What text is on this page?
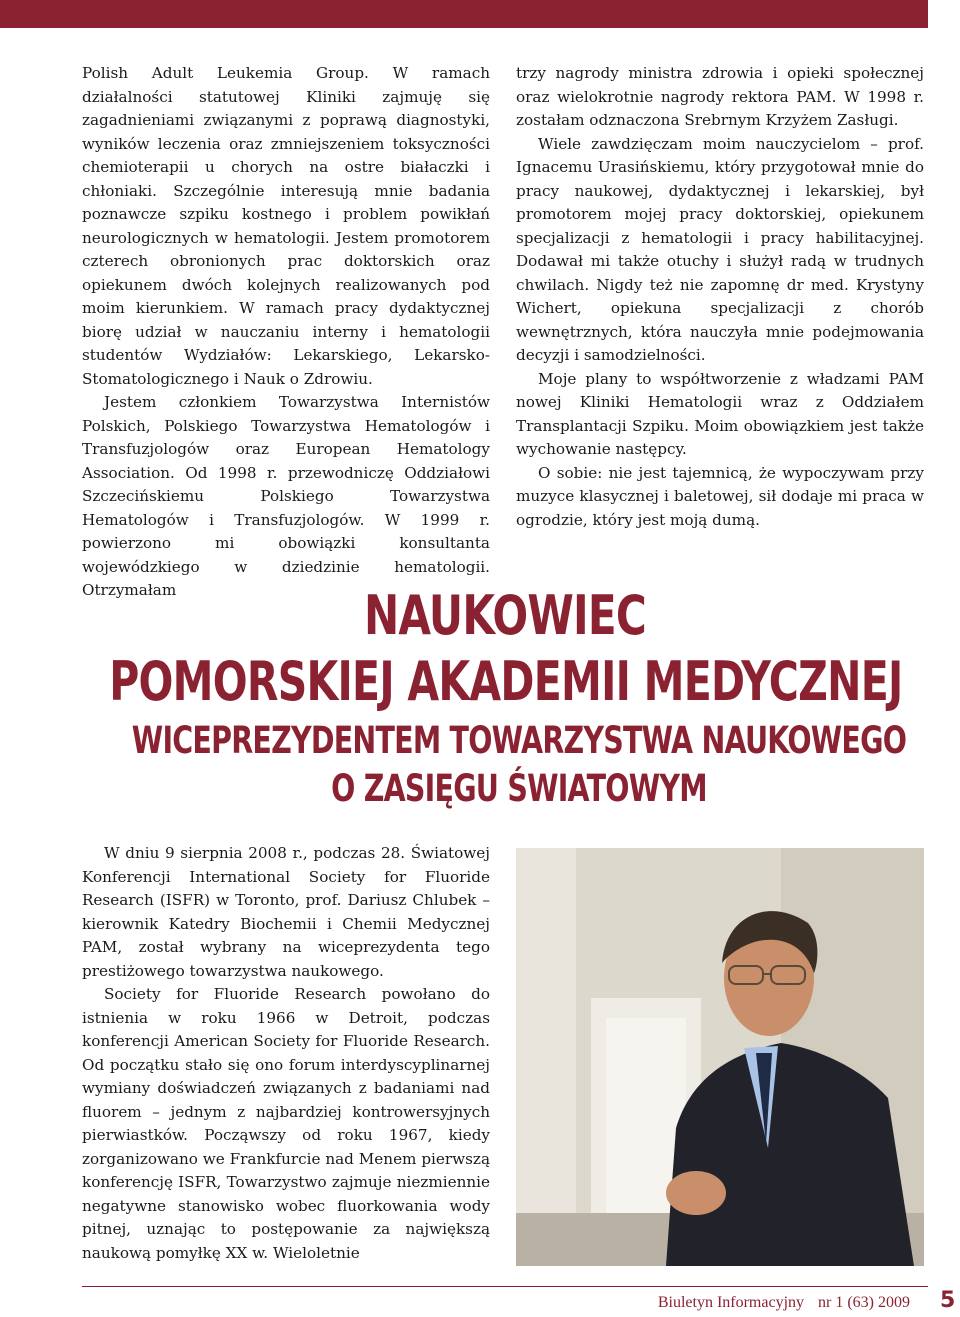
Polish Adult Leukemia Group. W ramach działalności statutowej Kliniki zajmuję się zagadnieniami związanymi z poprawą diagnostyki, wyników leczenia oraz zmniejszeniem toksyczności chemioterapii u chorych na ostre białaczki i chłoniaki. Szczególnie interesują mnie badania poznawcze szpiku kostnego i problem powikłań neurologicznych w hematologii. Jestem promotorem czterech obronionych prac doktorskich oraz opiekunem dwóch kolejnych realizowanych pod moim kierunkiem. W ramach pracy dydaktycznej biorę udział w nauczaniu interny i hematologii studentów Wydziałów: Lekarskiego, Lekarsko-Stomatologicznego i Nauk o Zdrowiu.

Jestem członkiem Towarzystwa Internistów Polskich, Polskiego Towarzystwa Hematologów i Transfuzjologów oraz European Hematology Association. Od 1998 r. przewodniczę Oddziałowi Szczecińskiemu Polskiego Towarzystwa Hematologów i Transfuzjologów. W 1999 r. powierzono mi obowiązki konsultanta wojewódzkiego w dziedzinie hematologii. Otrzymałam

trzy nagrody ministra zdrowia i opieki społecznej oraz wielokrotnie nagrody rektora PAM. W 1998 r. zostałam odznaczona Srebrnym Krzyżem Zasługi.

Wiele zawdzięczam moim nauczycielom – prof. Ignacemu Urasińskiemu, który przygotował mnie do pracy naukowej, dydaktycznej i lekarskiej, był promotorem mojej pracy doktorskiej, opiekunem specjalizacji z hematologii i pracy habilitacyjnej. Dodawał mi także otuchy i służył radą w trudnych chwilach. Nigdy też nie zapomnę dr med. Krystyny Wichert, opiekuna specjalizacji z chorób wewnętrznych, która nauczyła mnie podejmowania decyzji i samodzielności.

Moje plany to współtworzenie z władzami PAM nowej Kliniki Hematologii wraz z Oddziałem Transplantacji Szpiku. Moim obowiązkiem jest także wychowanie następcy.

O sobie: nie jest tajemnicą, że wypoczywam przy muzyce klasycznej i baletowej, sił dodaje mi praca w ogrodzie, który jest moją dumą.

NAUKOWIEC
POMORSKIEJ AKADEMII MEDYCZNEJ
WICEPREZYDENTEM TOWARZYSTWA NAUKOWEGO
O ZASIĘGU ŚWIATOWYM

W dniu 9 sierpnia 2008 r., podczas 28. Światowej Konferencji International Society for Fluoride Research (ISFR) w Toronto, prof. Dariusz Chlubek – kierownik Katedry Biochemii i Chemii Medycznej PAM, został wybrany na wiceprezydenta tego prestiżowego towarzystwa naukowego.

Society for Fluoride Research powołano do istnienia w roku 1966 w Detroit, podczas konferencji American Society for Fluoride Research. Od początku stało się ono forum interdyscyplinarnej wymiany doświadczeń związanych z badaniami nad fluorem – jednym z najbardziej kontrowersyjnych pierwiastków. Począwszy od roku 1967, kiedy zorganizowano we Frankfurcie nad Menem pierwszą konferencję ISFR, Towarzystwo zajmuje niezmiennie negatywne stanowisko wobec fluorkowania wody pitnej, uznając to postępowanie za największą naukową pomyłkę XX w. Wieloletnie

Biuletyn Informacyjny nr 1 (63) 2009 5
